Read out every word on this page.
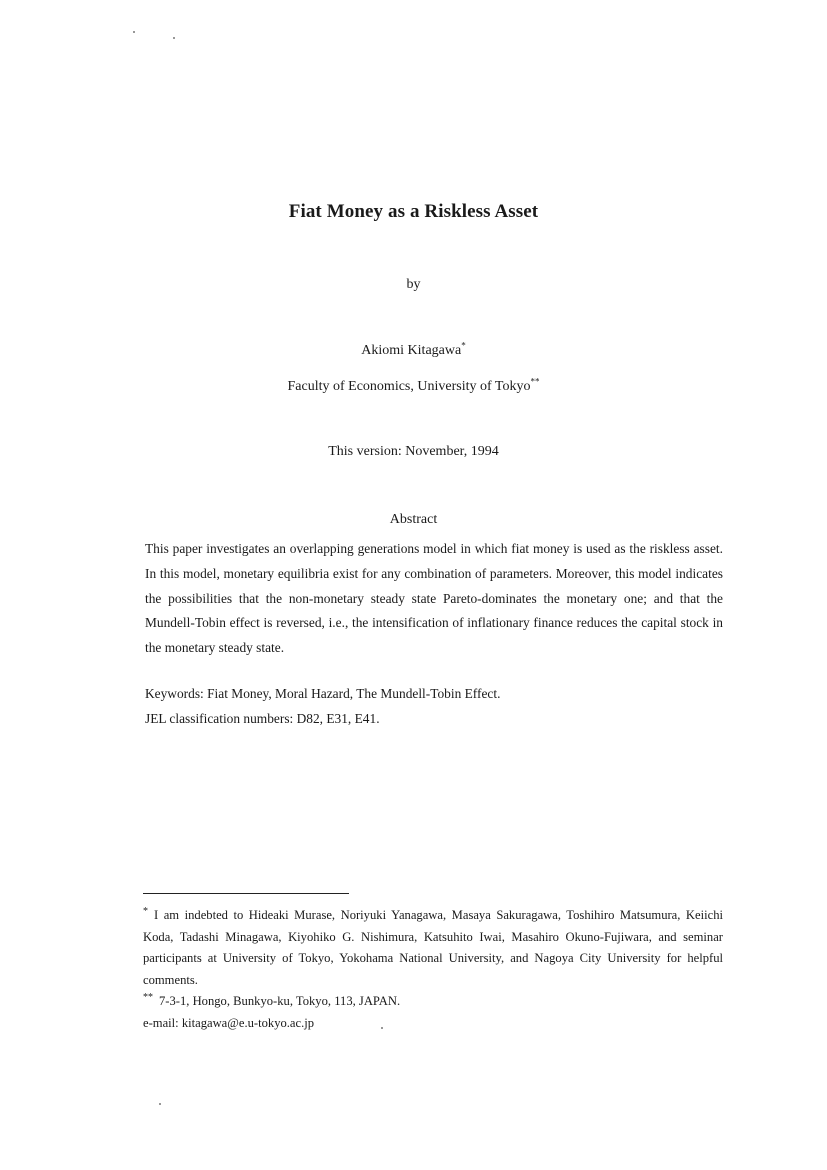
Fiat Money as a Riskless Asset
by
Akiomi Kitagawa*
Faculty of Economics, University of Tokyo**
This version: November, 1994
Abstract
This paper investigates an overlapping generations model in which fiat money is used as the riskless asset. In this model, monetary equilibria exist for any combination of parameters. Moreover, this model indicates the possibilities that the non-monetary steady state Pareto-dominates the monetary one; and that the Mundell-Tobin effect is reversed, i.e., the intensification of inflationary finance reduces the capital stock in the monetary steady state.
Keywords: Fiat Money, Moral Hazard, The Mundell-Tobin Effect.
JEL classification numbers: D82, E31, E41.
* I am indebted to Hideaki Murase, Noriyuki Yanagawa, Masaya Sakuragawa, Toshihiro Matsumura, Keiichi Koda, Tadashi Minagawa, Kiyohiko G. Nishimura, Katsuhito Iwai, Masahiro Okuno-Fujiwara, and seminar participants at University of Tokyo, Yokohama National University, and Nagoya City University for helpful comments.
** 7-3-1, Hongo, Bunkyo-ku, Tokyo, 113, JAPAN.
e-mail: kitagawa@e.u-tokyo.ac.jp
